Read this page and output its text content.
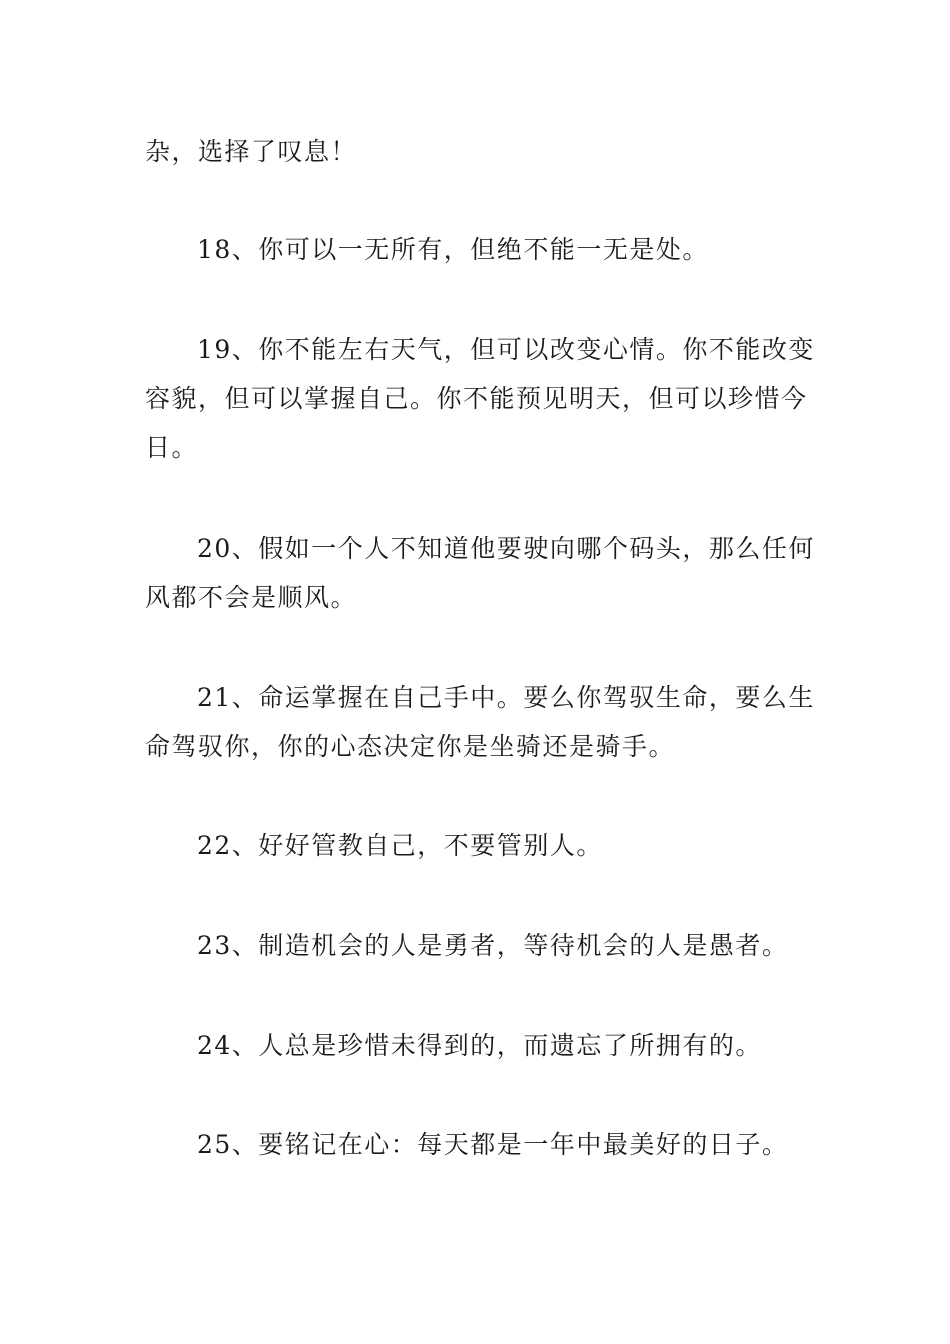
杂，选择了叹息！

18、你可以一无所有，但绝不能一无是处。

19、你不能左右天气，但可以改变心情。你不能改变
容貌，但可以掌握自己。你不能预见明天，但可以珍惜今
日。

20、假如一个人不知道他要驶向哪个码头，那么任何
风都不会是顺风。

21、命运掌握在自己手中。要么你驾驭生命，要么生
命驾驭你，你的心态决定你是坐骑还是骑手。

22、好好管教自己，不要管别人。

23、制造机会的人是勇者，等待机会的人是愚者。

24、人总是珍惜未得到的，而遗忘了所拥有的。

25、要铭记在心：每天都是一年中最美好的日子。
